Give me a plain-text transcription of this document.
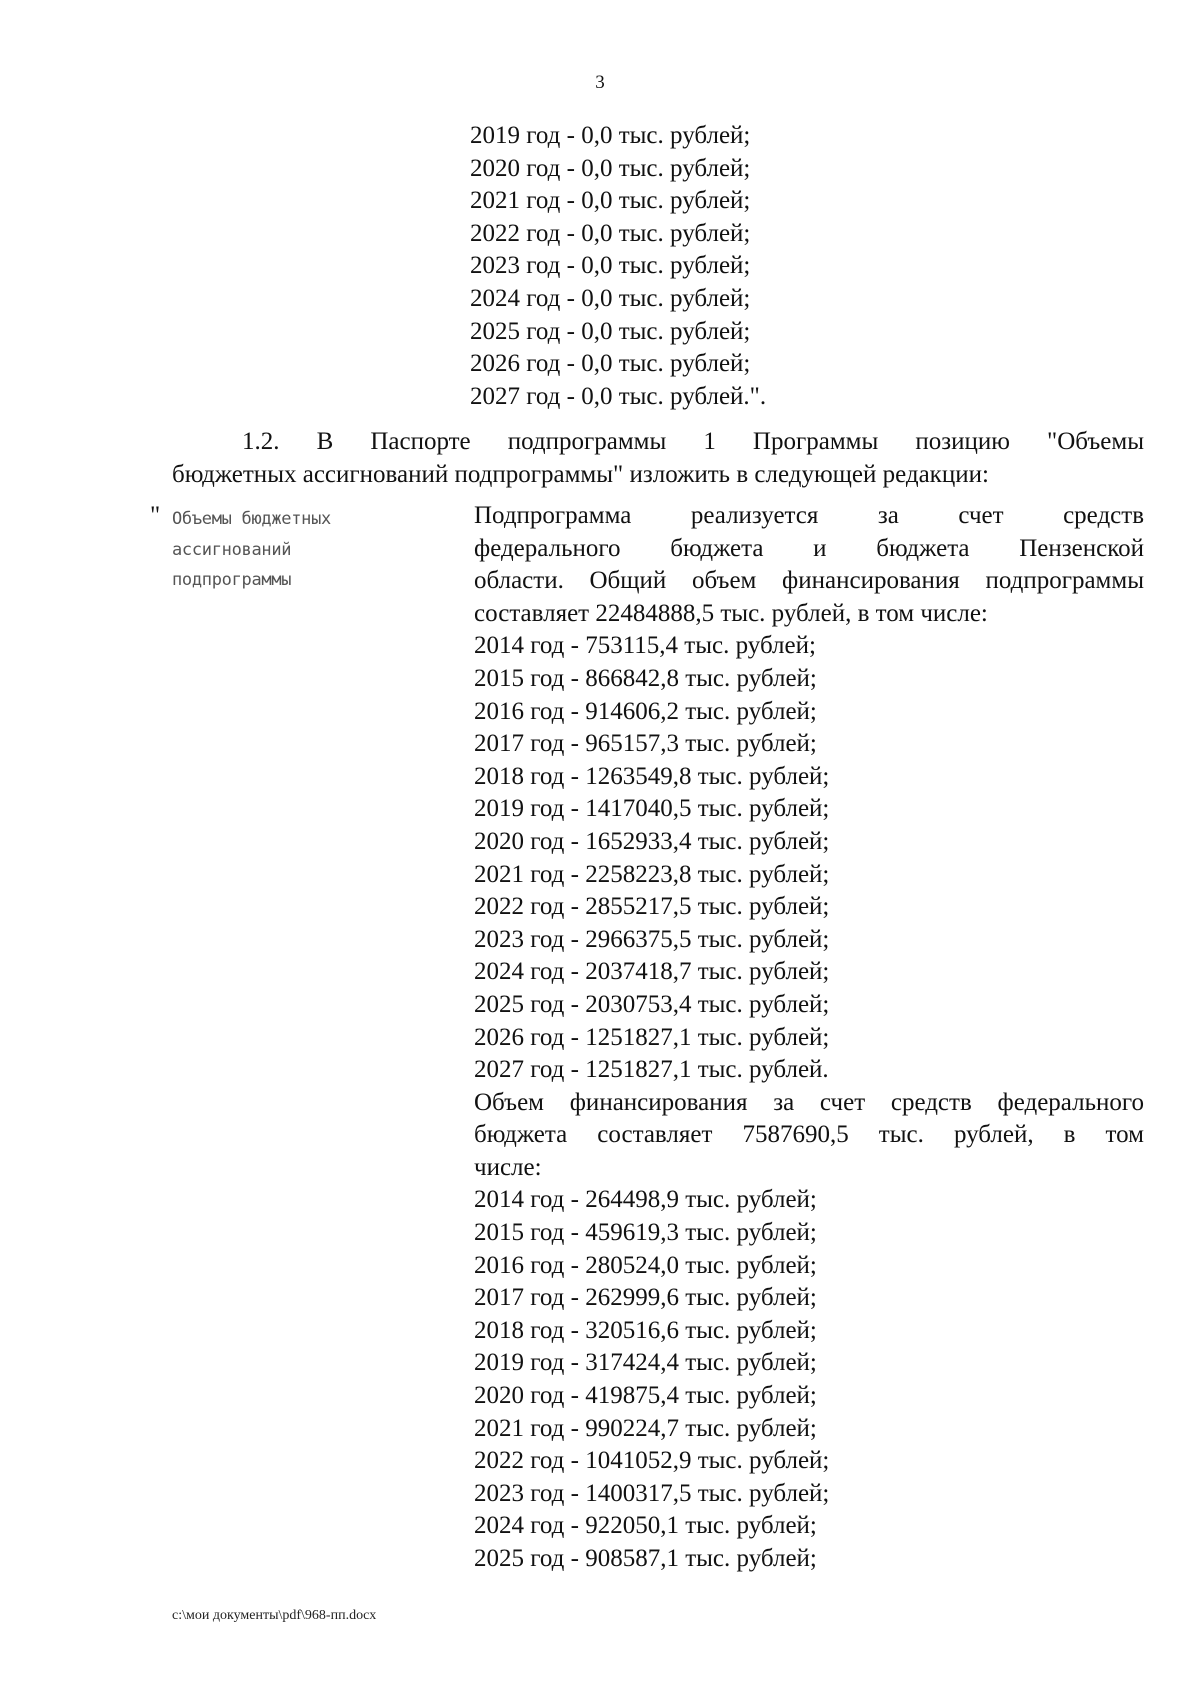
3
2019 год - 0,0 тыс. рублей;
2020 год - 0,0 тыс. рублей;
2021 год - 0,0 тыс. рублей;
2022 год - 0,0 тыс. рублей;
2023 год - 0,0 тыс. рублей;
2024 год - 0,0 тыс. рублей;
2025 год - 0,0 тыс. рублей;
2026 год - 0,0 тыс. рублей;
2027 год - 0,0 тыс. рублей.".
1.2. В Паспорте подпрограммы 1 Программы позицию "Объемы
бюджетных ассигнований подпрограммы" изложить в следующей редакции:
" Объемы бюджетных
ассигнований
подпрограммы
Подпрограмма реализуется за счет средств
федерального бюджета и бюджета Пензенской
области. Общий объем финансирования подпрограммы
составляет 22484888,5 тыс. рублей, в том числе:
2014 год - 753115,4 тыс. рублей;
2015 год - 866842,8 тыс. рублей;
2016 год - 914606,2 тыс. рублей;
2017 год - 965157,3 тыс. рублей;
2018 год - 1263549,8 тыс. рублей;
2019 год - 1417040,5 тыс. рублей;
2020 год - 1652933,4 тыс. рублей;
2021 год - 2258223,8 тыс. рублей;
2022 год - 2855217,5 тыс. рублей;
2023 год - 2966375,5 тыс. рублей;
2024 год - 2037418,7 тыс. рублей;
2025 год - 2030753,4 тыс. рублей;
2026 год - 1251827,1 тыс. рублей;
2027 год - 1251827,1 тыс. рублей.
Объем финансирования за счет средств федерального
бюджета составляет 7587690,5 тыс. рублей, в том
числе:
2014 год - 264498,9 тыс. рублей;
2015 год - 459619,3 тыс. рублей;
2016 год - 280524,0 тыс. рублей;
2017 год - 262999,6 тыс. рублей;
2018 год - 320516,6 тыс. рублей;
2019 год - 317424,4 тыс. рублей;
2020 год - 419875,4 тыс. рублей;
2021 год - 990224,7 тыс. рублей;
2022 год - 1041052,9 тыс. рублей;
2023 год - 1400317,5 тыс. рублей;
2024 год - 922050,1 тыс. рублей;
2025 год - 908587,1 тыс. рублей;
c:\мои документы\pdf\968-пп.docx
